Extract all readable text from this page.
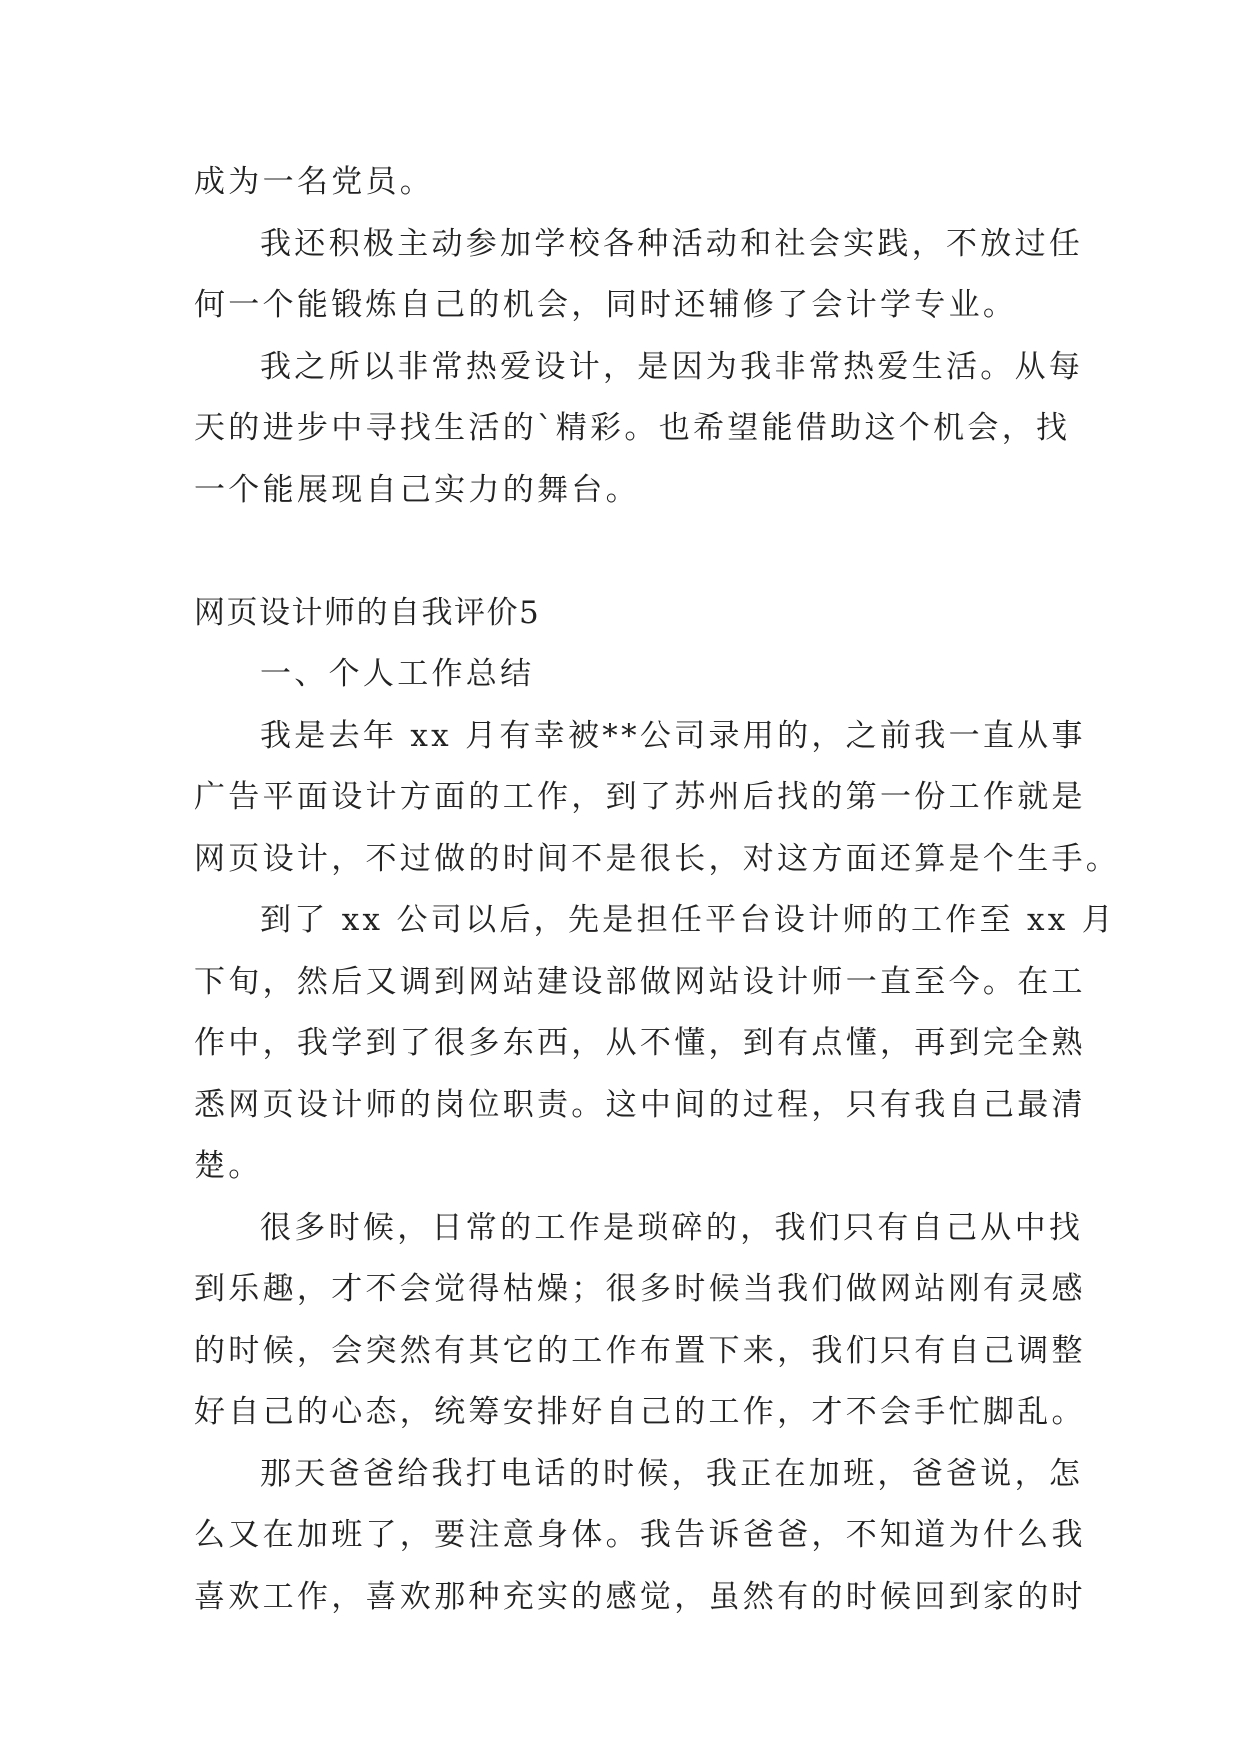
成为一名党员。
我还积极主动参加学校各种活动和社会实践，不放过任
何一个能锻炼自己的机会，同时还辅修了会计学专业。
我之所以非常热爱设计，是因为我非常热爱生活。从每
天的进步中寻找生活的`精彩。也希望能借助这个机会，找
一个能展现自己实力的舞台。
网页设计师的自我评价5
一、个人工作总结
我是去年 xx 月有幸被**公司录用的，之前我一直从事
广告平面设计方面的工作，到了苏州后找的第一份工作就是
网页设计，不过做的时间不是很长，对这方面还算是个生手。
到了 xx 公司以后，先是担任平台设计师的工作至 xx 月
下旬，然后又调到网站建设部做网站设计师一直至今。在工
作中，我学到了很多东西，从不懂，到有点懂，再到完全熟
悉网页设计师的岗位职责。这中间的过程，只有我自己最清
楚。
很多时候，日常的工作是琐碎的，我们只有自己从中找
到乐趣，才不会觉得枯燥；很多时候当我们做网站刚有灵感
的时候，会突然有其它的工作布置下来，我们只有自己调整
好自己的心态，统筹安排好自己的工作，才不会手忙脚乱。
那天爸爸给我打电话的时候，我正在加班，爸爸说，怎
么又在加班了，要注意身体。我告诉爸爸，不知道为什么我
喜欢工作，喜欢那种充实的感觉，虽然有的时候回到家的时
